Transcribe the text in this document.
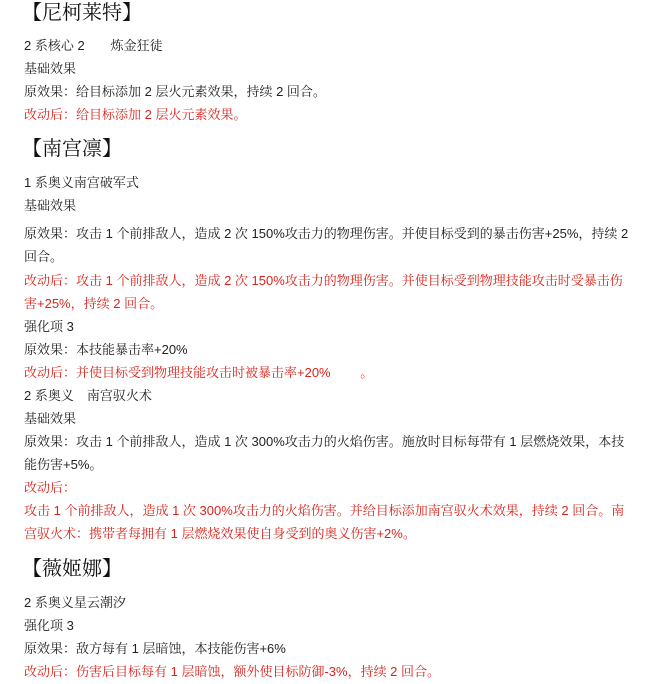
【尼柯莱特】
2 系核心 2　　炼金狂徒
基础效果
原效果：给目标添加 2 层火元素效果，持续 2 回合。
改动后：给目标添加 2 层火元素效果。
【南宫凛】
1 系奥义南宫破军式
基础效果
原效果：攻击 1 个前排敌人，造成 2 次 150%攻击力的物理伤害。并使目标受到的暴击伤害+25%，持续 2
回合。
改动后：攻击 1 个前排敌人，造成 2 次 150%攻击力的物理伤害。并使目标受到物理技能攻击时受暴击伤
害+25%，持续 2 回合。
强化项 3
原效果：本技能暴击率+20%
改动后：并使目标受到物理技能攻击时被暴击率+20%　　 。
2 系奥义　南宫驭火术
基础效果
原效果：攻击 1 个前排敌人，造成 1 次 300%攻击力的火焰伤害。施放时目标每带有 1 层燃烧效果，本技
能伤害+5%。
改动后：
攻击 1 个前排敌人，造成 1 次 300%攻击力的火焰伤害。并给目标添加南宫驭火术效果，持续 2 回合。南
宫驭火术：携带者每拥有 1 层燃烧效果使自身受到的奥义伤害+2%。
【薇姬娜】
2 系奥义星云潮汐
强化项 3
原效果：敌方每有 1 层暗蚀，本技能伤害+6%
改动后：伤害后目标每有 1 层暗蚀，额外使目标防御-3%，持续 2 回合。
